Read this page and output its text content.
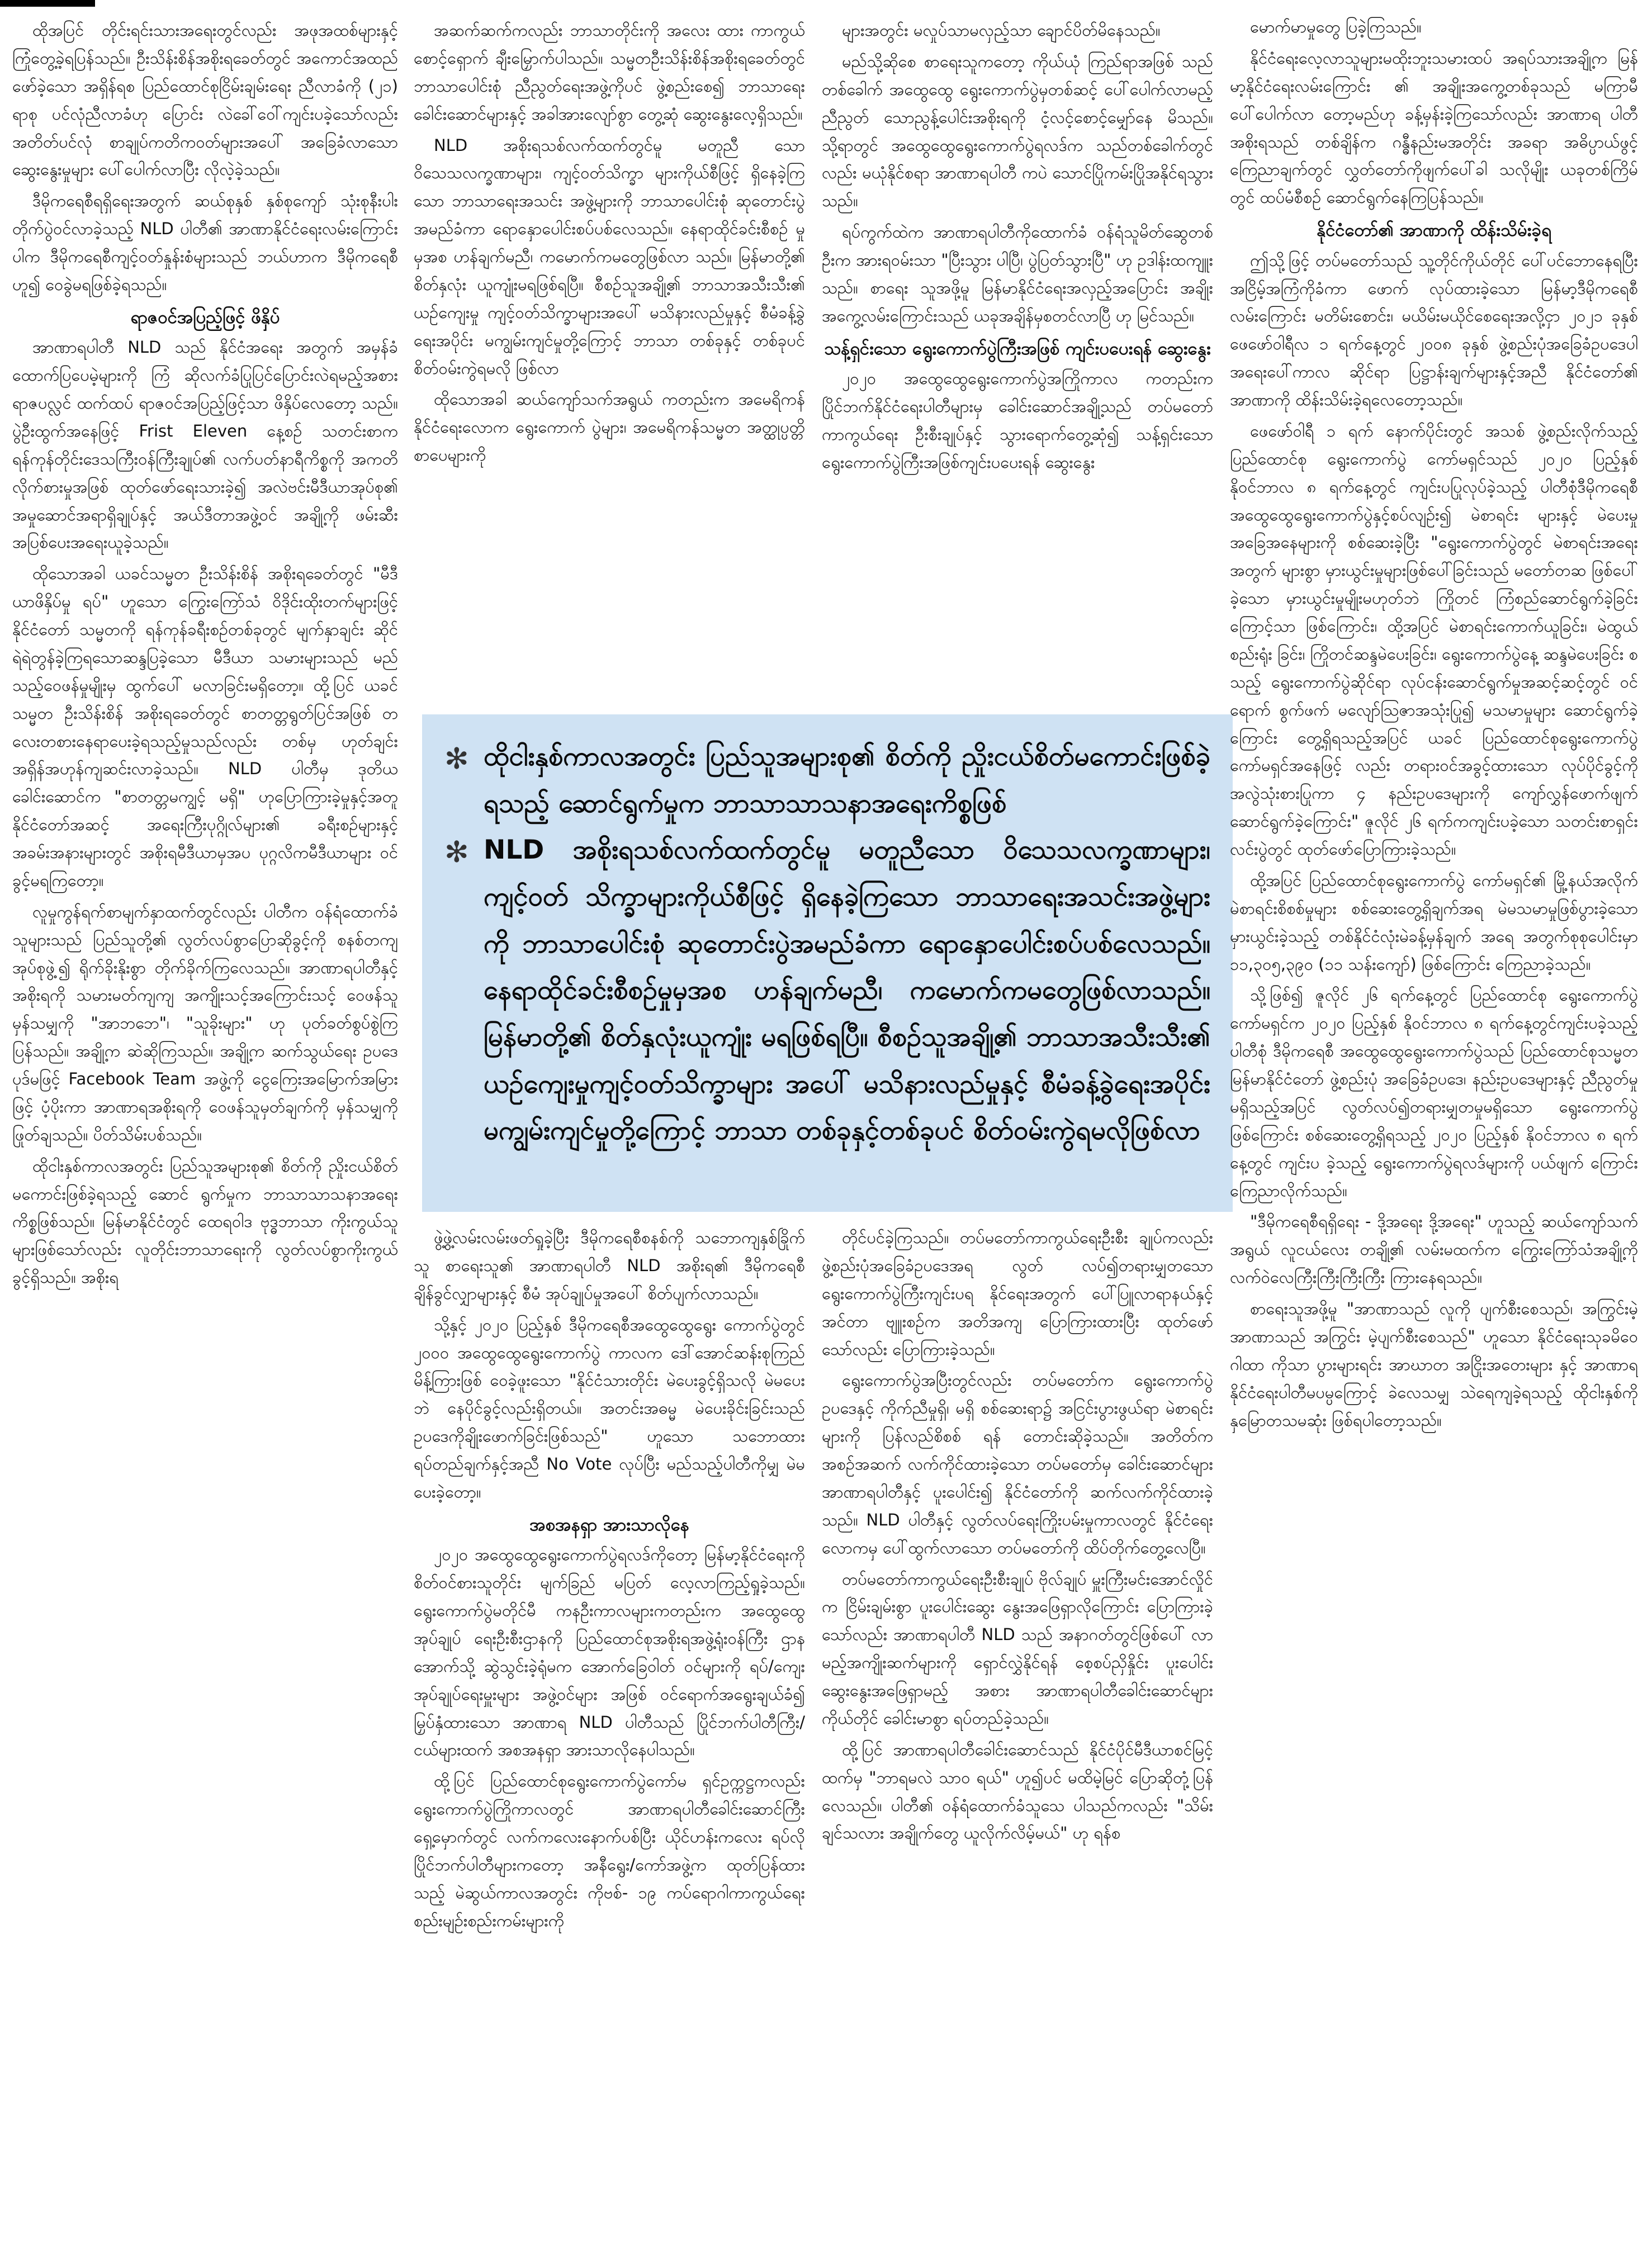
ထိုအပြင် တိုင်းရင်းသားအရေးတွင်လည်း အဖုအထစ်များနှင့် ကြုံတွေ့ခဲ့ရပြန်သည်။ ဦးသိန်းစိန်အစိုးရခေတ်တွင် အကောင်အထည် ဖော်ခဲ့သော အရှိန်ရစ ပြည်ထောင်စုငြိမ်းချမ်းရေး ညီလာခံကို (၂၁) ရာစု ပင်လုံညီလာခံဟု ပြောင်း လဲခေါ်ဝေါ်ကျင်းပခဲ့သော်လည်း အတိတ်ပင်လုံ စာချုပ်ကတိကဝတ်များအပေါ် အခြေခံလာသော ဆွေးနွေးမှုများ ပေါ်ပေါက်လာပြီး လိုလဲ့ခဲ့သည်။

ဒီမိုကရေစီရရှိရေးအတွက် ဆယ်စုနှစ် နှစ်စုကျော် သုံးစုနီးပါး တိုက်ပွဲဝင်လာခဲ့သည့် NLD ပါတီ၏ အာဏာနိုင်ငံရေးလမ်းကြောင်းပါက ဒီမိုကရေစီကျင့်ဝတ်နှုန်းစံများသည် ဘယ်ဟာက ဒီမိုကရေစီဟူ၍ ဝေခွဲမရဖြစ်ခဲ့ရသည်။

ရာဇဝင်အပြည့်ဖြင့် ဖိနှိပ်

အာဏာရပါတီ NLD သည် နိုင်ငံအရေး အတွက် အမှန်ခံထောက်ပြပေမဲ့များကို ကြံ ဆိုလက်ခံပြုပြင်ပြောင်းလဲရမည့်အစား ရာဇပလ္လင် ထက်ထပ် ရာဇဝင်အပြည့်ဖြင့်သာ ဖိနှိပ်လေတော့ သည်။ ပွဲဦးထွက်အနေဖြင့် Frist Eleven နေ့စဉ် သတင်းစာက ရန်ကုန်တိုင်းဒေသကြီးဝန်ကြီးချုပ်၏ လက်ပတ်နာရီကိစ္စကို အကတိလိုက်စားမှုအဖြစ် ထုတ်ဖော်ရေးသားခဲ့၍ အလဲဗင်းမီဒီယာအုပ်စု၏ အမှုဆောင်အရာရှိချုပ်နှင့် အယ်ဒီတာအဖွဲ့ဝင် အချို့ကို ဖမ်းဆီးအပြစ်ပေးအရေးယူခဲ့သည်။

ထိုသောအခါ ယခင်သမ္မတ ဦးသိန်းစိန် အစိုးရခေတ်တွင် "မီဒီယာဖိနှိပ်မှု ရပ်" ဟူသော ကြွေးကြော်သံ ဝိဒိုင်းထိုးတက်များဖြင့် နိုင်ငံတော် သမ္မတကို ရန်ကုန်ခရီးစဉ်တစ်ခုတွင် မျက်နှာချင်း ဆိုင် ရဲရဲတွန်ခဲ့ကြရသောဆန္ဒပြခဲ့သော မီဒီယာ သမားများသည် မည်သည့်ဝေဖန်မှုမျိုးမှ ထွက်ပေါ် မလာခြင်းမရှိတော့။ ထို့ပြင် ယခင်သမ္မတ ဦးသိန်းစိန် အစိုးရခေတ်တွင် စာတတ္တရွတ်ပြင်အဖြစ် တလေးတစားနေရာပေးခဲ့ရသည့်မှုသည်လည်း တစ်မှ ဟုတ်ချင်း အရှိန်အဟုန်ကျဆင်းလာခဲ့သည်။ NLD ပါတီမှ ဒုတိယ ခေါင်းဆောင်က "စာတတ္တမကျွင့် မရှိ" ဟုပြောကြားခဲ့မှုနှင့်အတူ နိုင်ငံတော်အဆင့် အရေးကြီးပုဂ္ဂိုလ်များ၏ ခရီးစဉ်များနှင့် အခမ်းအနားများတွင် အစိုးရမီဒီယာမှအပ ပုဂ္ဂလိကမီဒီယာများ ဝင်ခွင့်မရကြတော့။

လူမှုကွန်ရက်စာမျက်နှာထက်တွင်လည်း ပါတီက ဝန်ရံထောက်ခံသူများသည် ပြည်သူတို့၏ လွတ်လပ်စွာပြောဆိုခွင့်ကို စနစ်တကျ အုပ်စုဖွဲ့၍ ရိုက်ခိုးနိုးစွာ တိုက်ခိုက်ကြလေသည်။ အာဏာရပါတီနှင့်အစိုးရကို သမားမတ်ကျကျ အကျိုးသင့်အကြောင်းသင့် ဝေဖန်သူမှန်သမျှကို "အာဘဘေ"၊ "သူခိုးများ" ဟု ပုတ်ခတ်စွပ်စွဲကြ ပြန်သည်။ အချို့က ဆဲဆိုကြသည်။ အချို့က ဆက်သွယ်ရေး ဥပဒေပုဒ်မဖြင့် Facebook Team အဖွဲ့ကို ငွေကြေးအမြောက်အမြားဖြင့် ပံ့ပိုးကာ အာဏာရအစိုးရကို ဝေဖန်သူမှတ်ချက်ကို မှန်သမျှကို ဖြုတ်ချသည်။ ပိတ်သိမ်းပစ်သည်။

ထိုငါးနှစ်ကာလအတွင်း ပြည်သူအများစု၏ စိတ်ကို ညှိုးငယ်စိတ်မကောင်းဖြစ်ခဲ့ရသည့် ဆောင် ရွက်မှုက ဘာသာသာသနာအရေးကိစ္စဖြစ်သည်။ မြန်မာနိုင်ငံတွင် ထေရဝါဒ ဗုဒ္ဓဘာသာ ကိုးကွယ်သူ များဖြစ်သော်လည်း လူတိုင်းဘာသာရေးကို လွတ်လပ်စွာကိုးကွယ်ခွင့်ရှိသည်။ အစိုးရ

အဆက်ဆက်ကလည်း ဘာသာတိုင်းကို အလေး ထား ကာကွယ်စောင့်ရှောက် ချီးမြှောက်ပါသည်။ သမ္မတဦးသိန်းစိန်အစိုးရခေတ်တွင် ဘာသာပေါင်းစုံ ညီညွတ်ရေးအဖွဲ့ကိုပင် ဖွဲ့စည်းစေ၍ ဘာသာရေး ခေါင်းဆောင်များနှင့် အခါအားလျော်စွာ တွေ့ဆုံ ဆွေးနွေးလေ့ရှိသည်။

NLD အစိုးရသစ်လက်ထက်တွင်မူ မတူညီ သော ဝိသေသလက္ခဏာများ၊ ကျင့်ဝတ်သိက္ခာ များကိုယ်စီဖြင့် ရှိနေခဲ့ကြသော ဘာသာရေးအသင်း အဖွဲ့များကို ဘာသာပေါင်းစုံ ဆုတောင်းပွဲအမည်ခံကာ ရောနှောပေါင်းစပ်ပစ်လေသည်။ နေရာထိုင်ခင်းစီစဉ် မှုမှအစ ဟန်ချက်မညီ၊ ကမောက်ကမတွေဖြစ်လာ သည်။ မြန်မာတို့၏ စိတ်နှလုံး ယူကျုံးမရဖြစ်ရပြီ။ စီစဉ်သူအချို့၏ ဘာသာအသီးသီး၏ ယဉ်ကျေးမှု ကျင့်ဝတ်သိက္ခာများအပေါ် မသိနားလည်မှုနှင့် စီမံခန့်ခွဲရေးအပိုင်း မကျွမ်းကျင်မှုတို့ကြောင့် ဘာသာ တစ်ခုနှင့် တစ်ခုပင် စိတ်ဝမ်းကွဲရမလို ဖြစ်လာ

ထိုသောအခါ ဆယ်ကျော်သက်အရွယ် ကတည်းက အမေရိကန်နိုင်ငံရေးလောက ရွေးကောက် ပွဲများ၊ အမေရိကန်သမ္မတ အတ္ထုပ္ပတ္တိစာပေများကို

များအတွင်း မလှုပ်သာမလှည့်သာ ချောင်ပိတ်မိနေသည်။

မည်သို့ဆိုစေ စာရေးသူကတော့ ကိုယ်ယုံ ကြည်ရာအဖြစ် သည်တစ်ခေါက် အထွေထွေ ရွေးကောက်ပွဲမှတစ်ဆင့် ပေါ်ပေါက်လာမည့် ညီညွတ် သောညွန့်ပေါင်းအစိုးရကို ငံ့လင့်စောင့်မျှော်နေ မိသည်။ သို့ရာတွင် အထွေထွေရွေးကောက်ပွဲရလဒ်က သည်တစ်ခေါက်တွင်လည်း မယုံနိုင်စရာ အာဏာရပါတီ ကပဲ သောင်ပြိုကမ်းပြိုအနိုင်ရသွားသည်။

ရပ်ကွက်ထဲက အာဏာရပါတီကိုထောက်ခံ ဝန်ရံသူမိတ်ဆွေတစ်ဦးက အားရဝမ်းသာ "ပြီးသွား ပါပြီ၊ ပွဲပြတ်သွားပြီ" ဟု ဥဒါန်းထကျူးသည်။ စာရေး သူအဖို့မူ မြန်မာနိုင်ငံရေးအလှည့်အပြောင်း အချိုး အကွေ့လမ်းကြောင်းသည် ယခုအချိန်မှစတင်လာပြီ ဟု မြင်သည်။

သန့်ရှင်းသော ရွေးကောက်ပွဲကြီးအဖြစ် ကျင်းပပေးရန် ဆွေးနွေး

၂၀၂၀ အထွေထွေရွေးကောက်ပွဲအကြိုကာလ ကတည်းက ပြိုင်ဘက်နိုင်ငံရေးပါတီများမှ ခေါင်းဆောင်အချို့သည် တပ်မတော်ကာကွယ်ရေး ဦးစီးချုပ်နှင့် သွားရောက်တွေ့ဆုံ၍ သန့်ရှင်းသော ရွေးကောက်ပွဲကြီးအဖြစ်ကျင်းပပေးရန် ဆွေးနွေး

✻ ထိုငါးနှစ်ကာလအတွင်း ပြည်သူအများစု၏ စိတ်ကို ညှိုးငယ်စိတ်မကောင်းဖြစ်ခဲ့ရသည့် ဆောင်ရွက်မှုက ဘာသာသာသနာအရေးကိစ္စဖြစ်
✻ NLD အစိုးရသစ်လက်ထက်တွင်မူ မတူညီသော ဝိသေသလက္ခဏာများ၊ ကျင့်ဝတ် သိက္ခာများကိုယ်စီဖြင့် ရှိနေခဲ့ကြသော ဘာသာရေးအသင်းအဖွဲ့များကို ဘာသာပေါင်းစုံ ဆုတောင်းပွဲအမည်ခံကာ ရောနှောပေါင်းစပ်ပစ်လေသည်။ နေရာထိုင်ခင်းစီစဉ်မှုမှအစ ဟန်ချက်မညီ၊ ကမောက်ကမတွေဖြစ်လာသည်။ မြန်မာတို့၏ စိတ်နှလုံးယူကျုံး မရဖြစ်ရပြီ။ စီစဉ်သူအချို့၏ ဘာသာအသီးသီး၏ ယဉ်ကျေးမှုကျင့်ဝတ်သိက္ခာများ အပေါ် မသိနားလည်မှုနှင့် စီမံခန့်ခွဲရေးအပိုင်း မကျွမ်းကျင်မှုတို့ကြောင့် ဘာသာ တစ်ခုနှင့်တစ်ခုပင် စိတ်ဝမ်းကွဲရမလိုဖြစ်လာ

ဖွဲ့ဖွဲ့လမ်းလမ်းဖတ်ရှုခဲ့ပြီး ဒီမိုကရေစီစနစ်ကို သဘောကျနှစ်ခြိုက်သူ စာရေးသူ၏ အာဏာရပါတီ NLD အစိုးရ၏ ဒီမိုကရေစီချိန်ခွင်လျှာများနှင့် စီမံ အုပ်ချုပ်မှုအပေါ် စိတ်ပျက်လာသည်။

သို့နှင့် ၂၀၂၀ ပြည့်နှစ် ဒီမိုကရေစီအထွေထွေရွေး ကောက်ပွဲတွင် ၂၀၀၀ အထွေထွေရွေးကောက်ပွဲ ကာလက ဒေါ်အောင်ဆန်းစုကြည် မိန့်ကြားဖြစ် ဝေခဲ့ဖူးသော "နိုင်ငံသားတိုင်း မဲပေးခွင့်ရှိသလို မဲမပေးဘဲ နေပိုင်ခွင့်လည်းရှိတယ်။ အတင်းအဓမ္မ မဲပေးခိုင်းခြင်းသည် ဥပဒေကိုချိုးဖောက်ခြင်းဖြစ်သည်" ဟူသော သဘောထားရပ်တည်ချက်နှင့်အညီ No Vote လုပ်ပြီး မည်သည့်ပါတီကိုမျှ မဲမပေးခဲ့တော့။

အစအနရှာ အားသာလိုနေ

၂၀၂၀ အထွေထွေရွေးကောက်ပွဲရလဒ်ကိုတော့ မြန်မာ့နိုင်ငံရေးကို စိတ်ဝင်စားသူတိုင်း မျက်ခြည် မပြတ် လေ့လာကြည့်ရှုခဲ့သည်။ ရွေးကောက်ပွဲမတိုင်မီ ကနဦးကာလများကတည်းက အထွေထွေအုပ်ချုပ် ရေးဦးစီးဌာနကို ပြည်ထောင်စုအစိုးရအဖွဲ့ရုံးဝန်ကြီး ဌာနအောက်သို့ ဆွဲသွင်းခဲ့ရုံမက အောက်ခြေဝါတ် ဝင်များကို ရပ်/ကျေးအုပ်ချုပ်ရေးမှူးများ အဖွဲ့ဝင်များ အဖြစ် ဝင်ရောက်အရွေးချယ်ခံ၍ မြှပ်နှံထားသော အာဏာရ NLD ပါတီသည် ပြိုင်ဘက်ပါတီကြီး/ ငယ်များထက် အစအနရှာ အားသာလိုနေပါသည်။

ထို့ပြင် ပြည်ထောင်စုရွေးကောက်ပွဲကော်မ ရှင်ဥက္ကဋ္ဌကလည်း ရွေးကောက်ပွဲကြိုကာလတွင် အာဏာရပါတီခေါင်းဆောင်ကြီးရှေ့မှောက်တွင် လက်ကလေးနောက်ပစ်ပြီး ယိုင်ဟန်းကလေး ရပ်လို ပြိုင်ဘက်ပါတီများကတော့ အနီရွေး/ကော်အဖွဲ့က ထုတ်ပြန်ထားသည့် မဲဆွယ်ကာလအတွင်း ကိုဗစ်- ၁၉ ကပ်ရောဂါကာကွယ်ရေးစည်းမျဉ်းစည်းကမ်းများကို

တိုင်ပင်ခဲ့ကြသည်။ တပ်မတော်ကာကွယ်ရေးဦးစီး ချုပ်ကလည်း ဖွဲ့စည်းပုံအခြေခံဥပဒေအရ လွတ် လပ်၍တရားမျှတသော ရွေးကောက်ပွဲကြီးကျင်းပရ နိုင်ရေးအတွက် ပေါ်ပြူလာရာနယ်နှင့် အင်တာ ဗျူးစဉ်က အတိအကျ ပြောကြားထားပြီး ထုတ်ဖော်သော်လည်း ပြောကြားခဲ့သည်။

ရွေးကောက်ပွဲအပြီးတွင်လည်း တပ်မတော်က ရွေးကောက်ပွဲဥပဒေနှင့် ကိုက်ညီမှုရှိ၊ မရှိ စစ်ဆေးရာ၌ အငြင်းပွားဖွယ်ရာ မဲစာရင်းများကို ပြန်လည်စိစစ် ရန် တောင်းဆိုခဲ့သည်။ အတိတ်ကအစဉ်အဆက် လက်ကိုင်ထားခဲ့သော တပ်မတော်မှ ခေါင်းဆောင်များ အာဏာရပါတီနှင့် ပူးပေါင်း၍ နိုင်ငံတော်ကို ဆက်လက်ကိုင်ထားခဲ့သည်။ NLD ပါတီနှင့် လွတ်လပ်ရေးကြိုးပမ်းမှုကာလတွင် နိုင်ငံရေး လောကမှ ပေါ်ထွက်လာသော တပ်မတော်ကို ထိပ်တိုက်တွေ့လေပြီ။

တပ်မတော်ကာကွယ်ရေးဦးစီးချုပ် ဗိုလ်ချုပ် မှူးကြီးမင်းအောင်လှိုင်က ငြိမ်းချမ်းစွာ ပူးပေါင်းဆွေး နွေးအဖြေရှာလိုကြောင်း ပြောကြားခဲ့သော်လည်း အာဏာရပါတီ NLD သည် အနာဂတ်တွင်ဖြစ်ပေါ် လာမည့်အကျိုးဆက်များကို ရှောင်လွှဲနိုင်ရန် စေ့စပ်ညှိနှိုင်း ပူးပေါင်းဆွေးနွေးအဖြေရှာမည့် အစား အာဏာရပါတီခေါင်းဆောင်များ ကိုယ်တိုင် ခေါင်းမာစွာ ရပ်တည်ခဲ့သည်။

ထို့ပြင် အာဏာရပါတီခေါင်းဆောင်သည် နိုင်ငံပိုင်မီဒီယာစင်မြင့်ထက်မှ "ဘာရမလဲ သာဝ ရယ်" ဟူ၍ပင် မထိမဲ့မြင် ပြောဆိုတုံ့ပြန်လေသည်။ ပါတီ၏ ဝန်ရံထောက်ခံသူသေ ပါသည်ကလည်း "သိမ်းချင်သလား အချိုက်တွေ ယူလိုက်လိမ့်မယ်" ဟု ရန်စ

မောက်မာမှုတွေ ပြခဲ့ကြသည်။

နိုင်ငံရေးလေ့လာသူများမထိုးဘူးသမားထပ် အရပ်သားအချို့က မြန်မာ့နိုင်ငံရေးလမ်းကြောင်း ၏ အချိုးအကွေ့တစ်ခုသည် မကြာမီပေါ်ပေါက်လာ တော့မည်ဟု ခန့်မှန်းခဲ့ကြသော်လည်း အာဏာရ ပါတီအစိုးရသည် တစ်ချိန်က ဂန္ဓီနည်းမအတိုင်း အခရာ အဓိပ္ပာယ်ဖွင့်ကြေညာချက်တွင် လွှတ်တော်ကိုဖျက်ပေါ်ခါ သလိုမျိုး ယခုတစ်ကြိမ်တွင် ထပ်မံစီစဉ် ဆောင်ရွက်နေကြပြန်သည်။

နိုင်ငံတော်၏ အာဏာကို ထိန်းသိမ်းခဲ့ရ

ဤသို့ဖြင့် တပ်မတော်သည် သူ့တိုင်ကိုယ်တိုင် ပေါ်ပင်ဘောနေရပြီး အငြိမ့်အကြံကိုခံကာ ဖောက် လုပ်ထားခဲ့သော မြန်မာ့ဒီမိုကရေစီလမ်းကြောင်း မတိမ်းစောင်း၊ မယိမ်းမယိုင်စေရေးအလို့ငှာ ၂၀၂၁ ခုနှစ် ဖေဖော်ဝါရီလ ၁ ရက်နေ့တွင် ၂၀၀၈ ခုနှစ် ဖွဲ့စည်းပုံအခြေခံဥပဒေပါ အရေးပေါ်ကာလ ဆိုင်ရာ ပြဋ္ဌာန်းချက်များနှင့်အညီ နိုင်ငံတော်၏ အာဏာကို ထိန်းသိမ်းခဲ့ရလေတော့သည်။

ဖေဖော်ဝါရီ ၁ ရက် နောက်ပိုင်းတွင် အသစ် ဖွဲ့စည်းလိုက်သည့် ပြည်ထောင်စု ရွေးကောက်ပွဲ ကော်မရှင်သည် ၂၀၂၀ ပြည့်နှစ် နိုဝင်ဘာလ ၈ ရက်နေ့တွင် ကျင်းပပြုလုပ်ခဲ့သည့် ပါတီစုံဒီမိုကရေစီ အထွေထွေရွေးကောက်ပွဲနှင့်စပ်လျဉ်း၍ မဲစာရင်း များနှင့် မဲပေးမှုအခြေအနေများကို စစ်ဆေးခဲ့ပြီး "ရွေးကောက်ပွဲတွင် မဲစာရင်းအရေးအတွက် များစွာ မှားယွင်းမှုများဖြစ်ပေါ်ခြင်းသည် မတော်တဆ ဖြစ်ပေါ်ခဲ့သော မှားယွင်းမှုမျိုးမဟုတ်ဘဲ ကြိုတင် ကြံစည်ဆောင်ရွက်ခဲ့ခြင်းကြောင့်သာ ဖြစ်ကြောင်း၊ ထို့အပြင် မဲစာရင်းကောက်ယူခြင်း၊ မဲထွယ်စည်းရုံး ခြင်း၊ ကြိုတင်ဆန္ဒမဲပေးခြင်း၊ ရွေးကောက်ပွဲနေ့ ဆန္ဒမဲပေးခြင်း စသည့် ရွေးကောက်ပွဲဆိုင်ရာ လုပ်ငန်းဆောင်ရွက်မှုအဆင့်ဆင့်တွင် ဝင်ရောက် စွက်ဖက် မလျော်ဩဇာအသုံးပြု၍ မသမာမှုများ ဆောင်ရွက်ခဲ့ကြောင်း တွေ့ရှိရသည့်အပြင် ယခင် ပြည်ထောင်စုရွေးကောက်ပွဲကော်မရှင်အနေဖြင့် လည်း တရားဝင်အခွင့်ထားသော လုပ်ပိုင်ခွင့်ကို အလွဲသုံးစားပြုကာ ၄ နည်းဥပဒေများကို ကျော်လွှန်ဖောက်ဖျက် ဆောင်ရွက်ခဲ့ကြောင်း" ဇူလိုင် ၂၆ ရက်ကကျင်းပခဲ့သော သတင်းစာရှင်း လင်းပွဲတွင် ထုတ်ဖော်ပြောကြားခဲ့သည်။

ထို့အပြင် ပြည်ထောင်စုရွေးကောက်ပွဲ ကော်မရှင်၏ မြို့နယ်အလိုက် မဲစာရင်းစိစစ်မှုများ စစ်ဆေးတွေ့ရှိချက်အရ မဲမသမာမှုဖြစ်ပွားခဲ့သော မှားယွင်းခဲ့သည့် တစ်နိုင်ငံလုံးမဲခန့်မှန်ချက် အရေ အတွက်စုစုပေါင်းမှာ ၁၁,၃၀၅,၃၉၀ (၁၁ သန်းကျော်) ဖြစ်ကြောင်း ကြေညာခဲ့သည်။

သို့ဖြစ်၍ ဇူလိုင် ၂၆ ရက်နေ့တွင် ပြည်ထောင်စု ရွေးကောက်ပွဲကော်မရှင်က ၂၀၂၀ ပြည့်နှစ် နိုဝင်ဘာလ ၈ ရက်နေ့တွင်ကျင်းပခဲ့သည့် ပါတီစုံ ဒီမိုကရေစီ အထွေထွေရွေးကောက်ပွဲသည် ပြည်ထောင်စုသမ္မတမြန်မာနိုင်ငံတော် ဖွဲ့စည်းပုံ အခြေခံဥပဒေ၊ နည်းဥပဒေများနှင့် ညီညွတ်မှု မရှိသည့်အပြင် လွတ်လပ်၍တရားမျှတမှုမရှိသော ရွေးကောက်ပွဲဖြစ်ကြောင်း စစ်ဆေးတွေ့ရှိရသည့် ၂၀၂၀ ပြည့်နှစ် နိုဝင်ဘာလ ၈ ရက်နေ့တွင် ကျင်းပ ခဲ့သည့် ရွေးကောက်ပွဲရလဒ်များကို ပယ်ဖျက် ကြောင်း ကြေညာလိုက်သည်။

"ဒီမိုကရေစီရရှိရေး - ဒို့အရေး ဒို့အရေး" ဟူသည့် ဆယ်ကျော်သက်အရွယ် လူငယ်လေး တချို့၏ လမ်းမထက်က ကြွေးကြော်သံအချို့ကို လက်ဝဲလေကြီးကြီးကြီးကြီး ကြားနေရသည်။

စာရေးသူအဖို့မူ "အာဏာသည် လူကို ပျက်စီးစေသည်၊ အကြွင်းမဲ့အာဏာသည် အကြွင်း မဲ့ပျက်စီးစေသည်" ဟူသော နိုင်ငံရေးသုခမိဝေ ဂါထာ ကိုသာ ပွားများရင်း အာဃာတ အငြိုးအတေးများ နှင့် အာဏာရနိုင်ငံရေးပါတီမပမ္ပကြောင့် ခဲလေသမျှ သဲရေကျခဲ့ရသည့် ထိုငါးနှစ်ကို နှမြောတသမဆုံး ဖြစ်ရပါတော့သည်။
